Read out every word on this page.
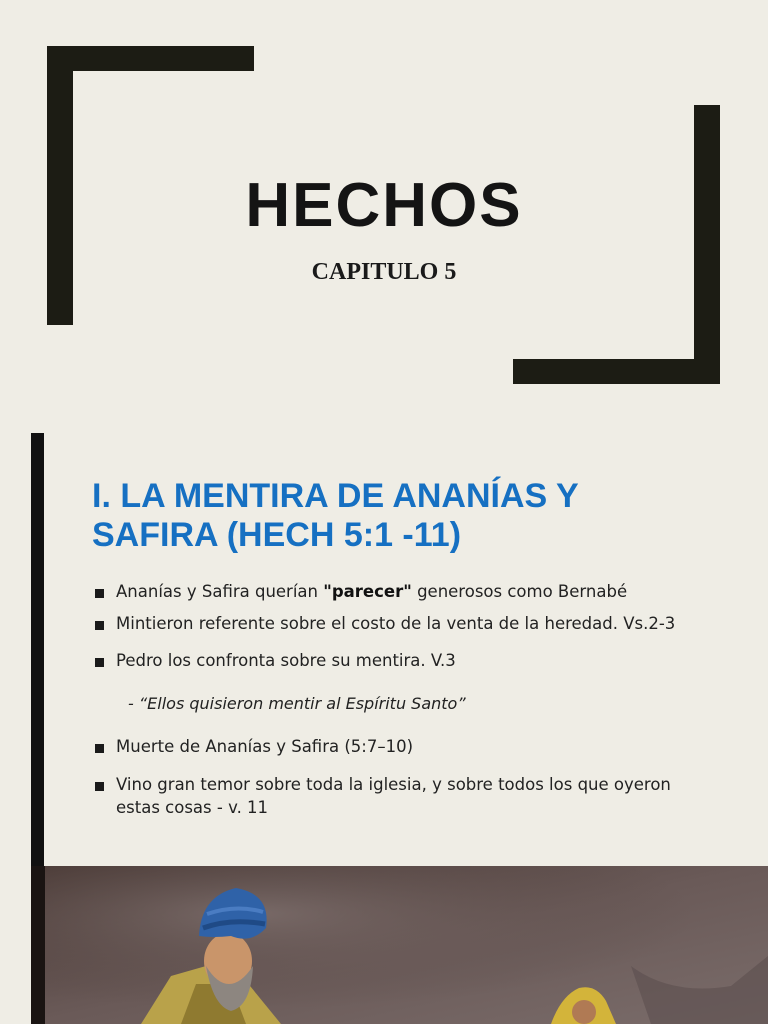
HECHOS
CAPITULO 5
I. LA MENTIRA DE ANANÍAS Y
SAFIRA (HECH 5:1 -11)
Ananías y Safira querían "parecer" generosos como Bernabé
Mintieron referente sobre el costo de la venta de la heredad. Vs.2-3
Pedro los confronta sobre su mentira. V.3
- “Ellos quisieron mentir al Espíritu Santo”
Muerte de Ananías y Safira (5:7–10)
Vino gran temor sobre toda la iglesia, y sobre todos los que oyeron estas cosas - v. 11
